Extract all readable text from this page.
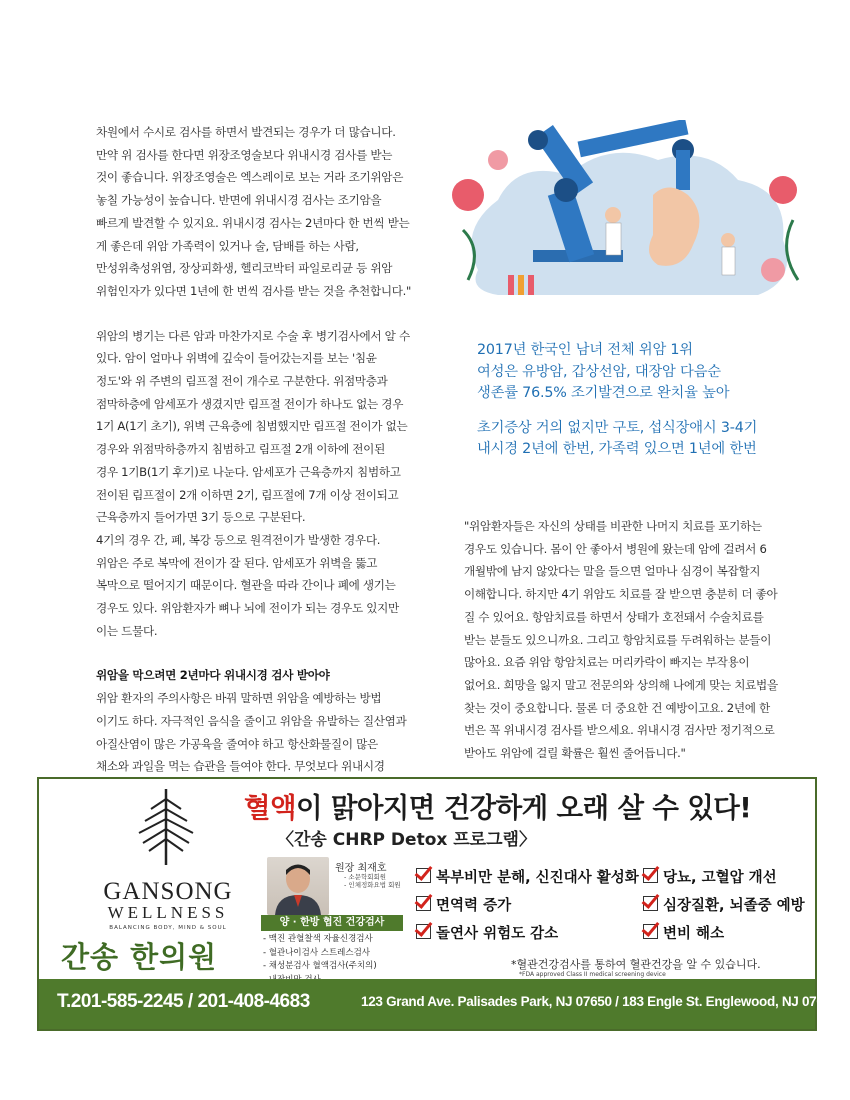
차원에서 수시로 검사를 하면서 발견되는 경우가 더 많습니다.

만약 위 검사를 한다면 위장조영술보다 위내시경 검사를 받는

것이 좋습니다. 위장조영술은 엑스레이로 보는 거라 조기위암은

놓칠 가능성이 높습니다. 반면에 위내시경 검사는 조기암을

빠르게 발견할 수 있지요. 위내시경 검사는 2년마다 한 번씩 받는

게 좋은데 위암 가족력이 있거나 술, 담배를 하는 사람,

만성위축성위염, 장상피화생, 헬리코박터 파일로리균 등 위암

위험인자가 있다면 1년에 한 번씩 검사를 받는 것을 추천합니다."

위암의 병기는 다른 암과 마찬가지로 수술 후 병기검사에서 알 수

있다. 암이 얼마나 위벽에 깊숙이 들어갔는지를 보는 '침윤

정도'와 위 주변의 림프절 전이 개수로 구분한다. 위점막층과

점막하층에 암세포가 생겼지만 림프절 전이가 하나도 없는 경우

1기 A(1기 초기), 위벽 근육층에 침범했지만 림프절 전이가 없는

경우와 위점막하층까지 침범하고 림프절 2개 이하에 전이된

경우 1기B(1기 후기)로 나눈다. 암세포가 근육층까지 침범하고

전이된 림프절이 2개 이하면 2기, 림프절에 7개 이상 전이되고

근육층까지 들어가면 3기 등으로 구분된다.

4기의 경우 간, 폐, 복강 등으로 원격전이가 발생한 경우다.

위암은 주로 복막에 전이가 잘 된다. 암세포가 위벽을 뚫고

복막으로 떨어지기 때문이다. 혈관을 따라 간이나 폐에 생기는

경우도 있다. 위암환자가 뼈나 뇌에 전이가 되는 경우도 있지만

이는 드물다.

위암을 막으려면 2년마다 위내시경 검사 받아야

위암 환자의 주의사항은 바꿔 말하면 위암을 예방하는 방법

이기도 하다. 자극적인 음식을 줄이고 위암을 유발하는 질산염과

아질산염이 많은 가공육을 줄여야 하고 항산화물질이 많은

채소와 과일을 먹는 습관을 들여야 한다. 무엇보다 위내시경

2017년 한국인 남녀 전체 위암 1위

여성은 유방암, 갑상선암, 대장암 다음순

생존률 76.5% 조기발견으로 완치율 높아

초기증상 거의 없지만 구토, 섭식장애시 3-4기

내시경 2년에 한번, 가족력 있으면 1년에 한번

"위암환자들은 자신의 상태를 비관한 나머지 치료를 포기하는

경우도 있습니다. 몸이 안 좋아서 병원에 왔는데 암에 걸려서 6

개월밖에 남지 않았다는 말을 들으면 얼마나 심경이 복잡할지

이해합니다. 하지만 4기 위암도 치료를 잘 받으면 충분히 더 좋아

질 수 있어요. 항암치료를 하면서 상태가 호전돼서 수술치료를

받는 분들도 있으니까요. 그리고 항암치료를 두려워하는 분들이

많아요. 요즘 위암 항암치료는 머리카락이 빠지는 부작용이

없어요. 희망을 잃지 말고 전문의와 상의해 나에게 맞는 치료법을

찾는 것이 중요합니다. 물론 더 중요한 건 예방이고요. 2년에 한

번은 꼭 위내시경 검사를 받으세요. 위내시경 검사만 정기적으로

받아도 위암에 걸릴 확률은 훨씬 줄어듭니다."

GANSONG
WELLNESS
BALANCING BODY, MIND & SOUL
간송 한의원
혈액이 맑아지면 건강하게 오래 살 수 있다!
〈간송 CHRP Detox 프로그램〉
원장 최재호
- 소문학회회원
- 인체정화요법 회원
양 · 한방 협진 건강검사
- 맥진 관혈찰색 자율신경검사
- 혈관나이검사 스트레스검사
- 채성분검사 혈액검사(주치의)
복부비만 분해, 신진대사 활성화
면역력 증가
돌연사 위험도 감소
당뇨, 고혈압 개선
심장질환, 뇌졸중 예방
변비 해소
*혈관건강검사를 통하여 혈관건강을 알 수 있습니다.
*FDA approved Class II medical screening device
T.201-585-2245 / 201-408-4683	123 Grand Ave. Palisades Park, NJ 07650 / 183 Engle St. Englewood, NJ 07631
